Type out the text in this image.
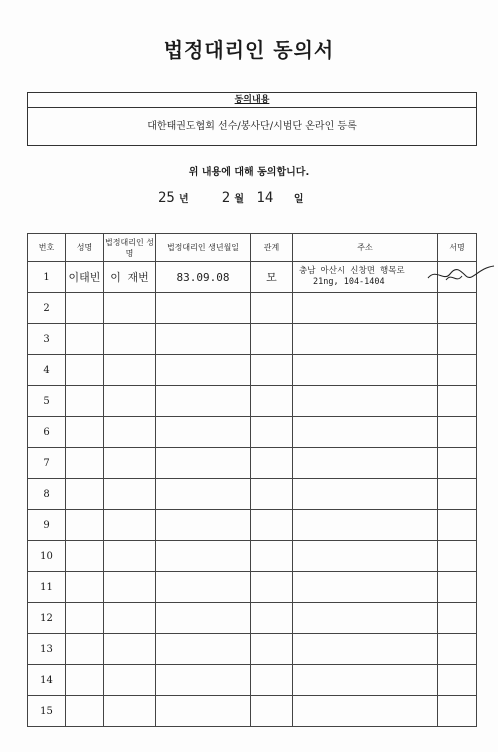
법정대리인 동의서
동의내용
대한태권도협회 선수/봉사단/시범단 온라인 등록
위 내용에 대해 동의합니다.
25 년 2 월 14 일
번호	성명	법정대리인 성명	법정대리인 생년월일	관계	주소	서명
1	이태빈	이 재번	83.09.08	모	충남 아산시 신창면 행목로
21ng, 104-1404

2						
3						
4						
5						
6						
7						
8						
9						
10						
11						
12						
13						
14						
15						
